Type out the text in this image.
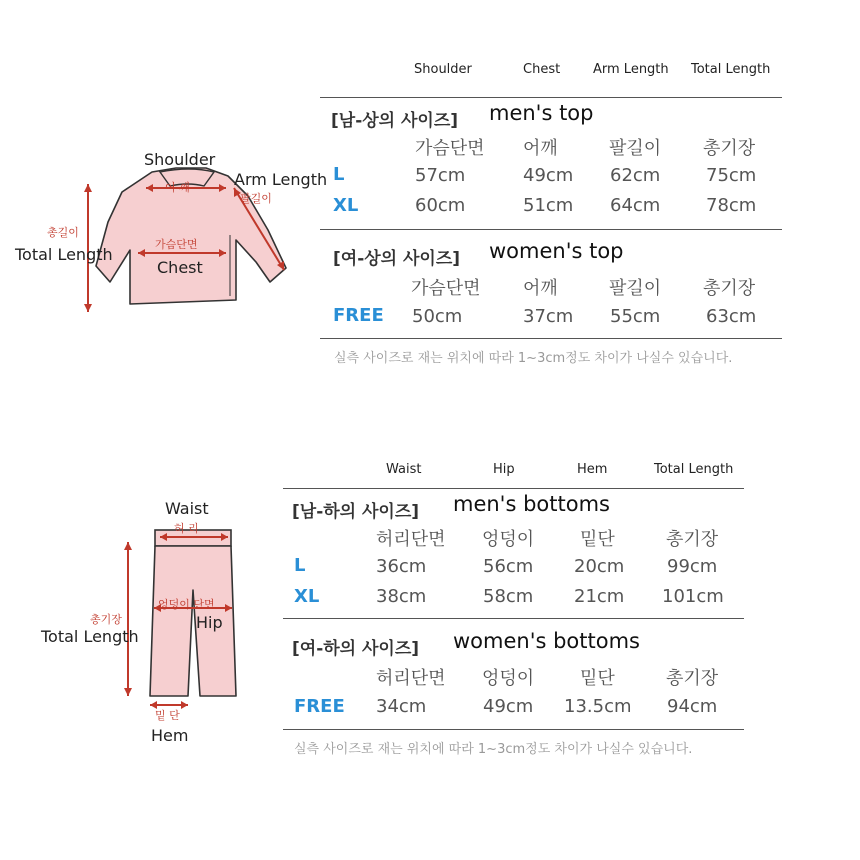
Shoulder	Chest	Arm Length Total Length
[남-상의 사이즈] men's top
가슴단면 어깨	팔길이 총기장
L	57cm	49cm 62cm	75cm
XL	60cm	51cm 64cm	78cm
[여-상의 사이즈] women's top
가슴단면 어깨	팔길이 총기장
FREE 50cm	37cm 55cm	63cm
실측 사이즈로 재는 위치에 따라 1~3cm정도 차이가 나실수 있습니다.
Shoulder
어 깨	Arm Length
팔길이
총길이
Total Length
가슴단면
Chest
Waist	Hip	Hem	Total Length
[남-하의 사이즈] men's bottoms
허리단면 엉덩이	밑단	총기장
L	36cm	56cm 20cm 99cm
XL	38cm	58cm 21cm 101cm
[여-하의 사이즈] women's bottoms
허리단면 엉덩이	밑단	총기장
FREE 34cm	49cm 13.5cm 94cm
실측 사이즈로 재는 위치에 따라 1~3cm정도 차이가 나실수 있습니다.
Waist
허 리
총기장
Total Length
엉덩이 단면
Hip
밑 단
Hem
